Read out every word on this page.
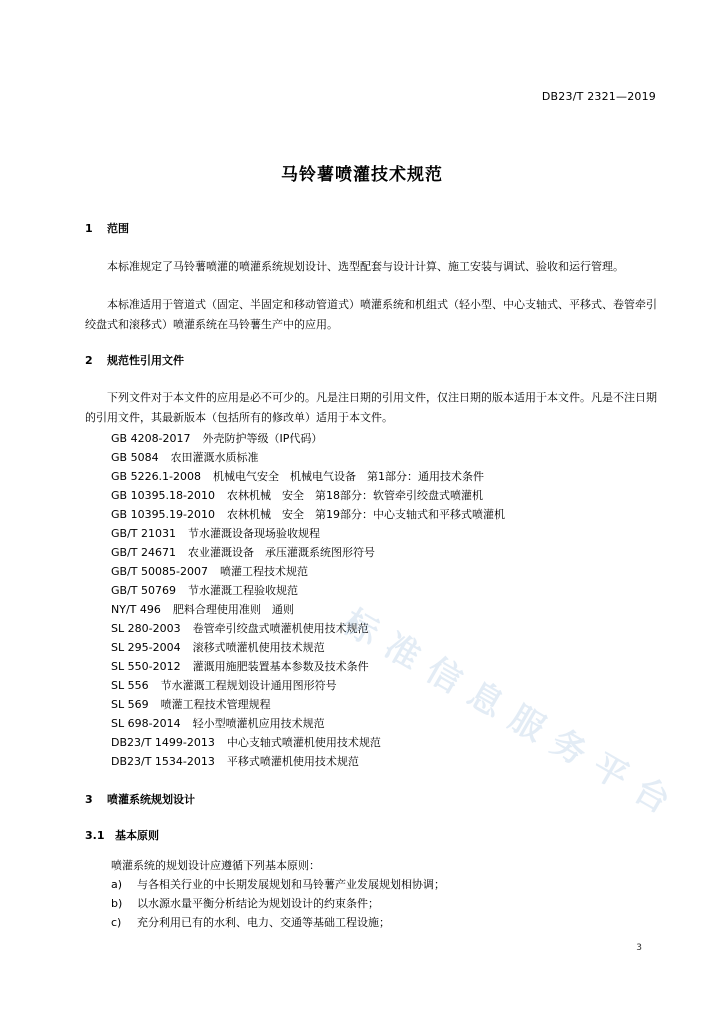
DB23/T 2321—2019
马铃薯喷灌技术规范
1 范围

本标准规定了马铃薯喷灌的喷灌系统规划设计、选型配套与设计计算、施工安装与调试、验收和运行管理。

本标准适用于管道式（固定、半固定和移动管道式）喷灌系统和机组式（轻小型、中心支轴式、平移式、卷管牵引绞盘式和滚移式）喷灌系统在马铃薯生产中的应用。

2 规范性引用文件

下列文件对于本文件的应用是必不可少的。凡是注日期的引用文件，仅注日期的版本适用于本文件。凡是不注日期的引用文件，其最新版本（包括所有的修改单）适用于本文件。

GB 4208-2017 外壳防护等级（IP代码）

GB 5084 农田灌溉水质标准

GB 5226.1-2008 机械电气安全　机械电气设备　第1部分：通用技术条件

GB 10395.18-2010 农林机械　安全　第18部分：软管牵引绞盘式喷灌机

GB 10395.19-2010 农林机械　安全　第19部分：中心支轴式和平移式喷灌机

GB/T 21031 节水灌溉设备现场验收规程

GB/T 24671 农业灌溉设备　承压灌溉系统图形符号

GB/T 50085-2007 喷灌工程技术规范

GB/T 50769 节水灌溉工程验收规范

NY/T 496 肥料合理使用准则　通则

SL 280-2003 卷管牵引绞盘式喷灌机使用技术规范

SL 295-2004 滚移式喷灌机使用技术规范

SL 550-2012 灌溉用施肥装置基本参数及技术条件

SL 556 节水灌溉工程规划设计通用图形符号

SL 569 喷灌工程技术管理规程

SL 698-2014 轻小型喷灌机应用技术规范

DB23/T 1499-2013 中心支轴式喷灌机使用技术规范

DB23/T 1534-2013 平移式喷灌机使用技术规范

3 喷灌系统规划设计
3.1 基本原则

喷灌系统的规划设计应遵循下列基本原则：

a) 与各相关行业的中长期发展规划和马铃薯产业发展规划相协调；

b) 以水源水量平衡分析结论为规划设计的约束条件；

c) 充分利用已有的水利、电力、交通等基础工程设施；

标准信息服务平台
3
